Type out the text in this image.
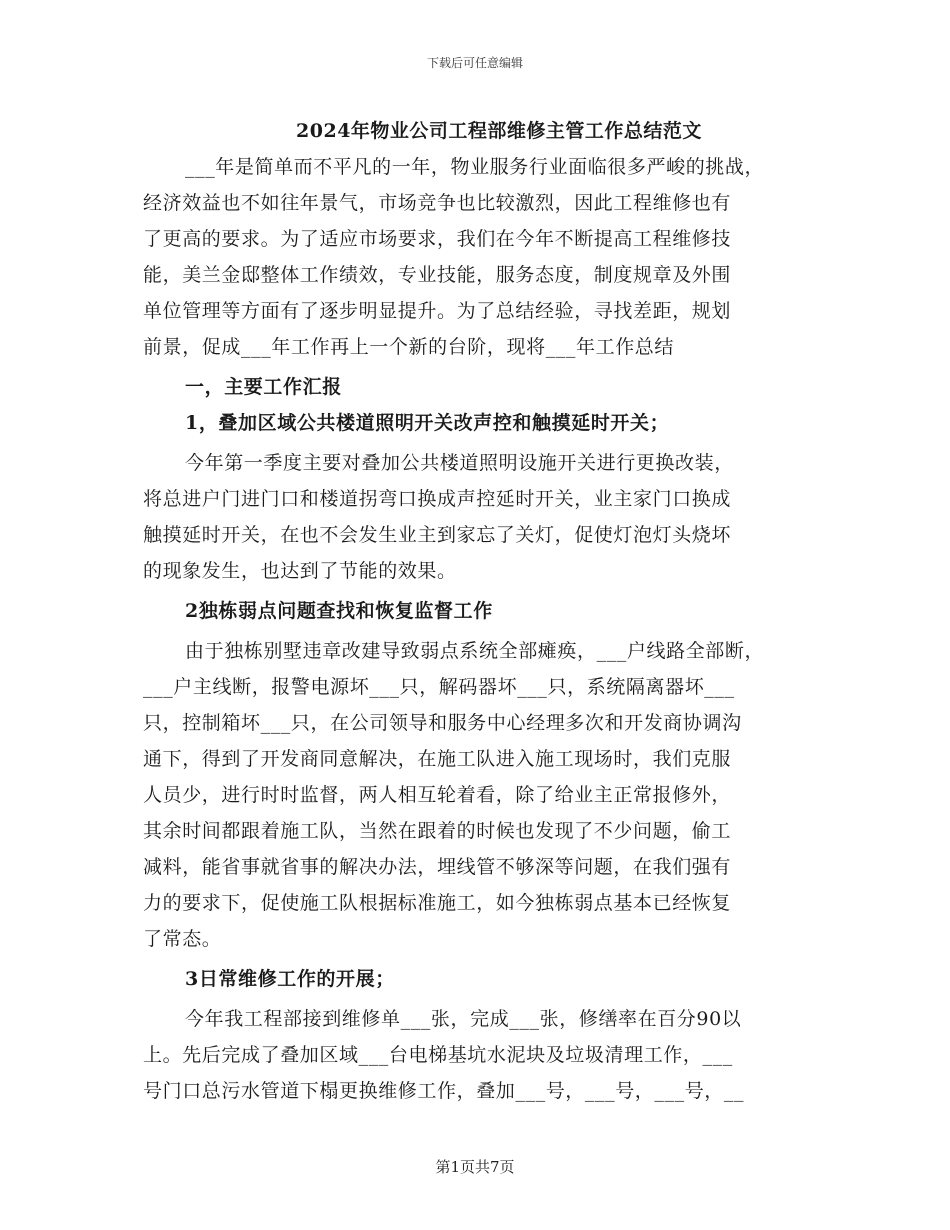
下载后可任意编辑
2024年物业公司工程部维修主管工作总结范文
___年是简单而不平凡的一年，物业服务行业面临很多严峻的挑战，
经济效益也不如往年景气，市场竞争也比较激烈，因此工程维修也有
了更高的要求。为了适应市场要求，我们在今年不断提高工程维修技
能，美兰金邸整体工作绩效，专业技能，服务态度，制度规章及外围
单位管理等方面有了逐步明显提升。为了总结经验，寻找差距，规划
前景，促成___年工作再上一个新的台阶，现将___年工作总结
一，主要工作汇报
1，叠加区域公共楼道照明开关改声控和触摸延时开关；
今年第一季度主要对叠加公共楼道照明设施开关进行更换改装，
将总进户门进门口和楼道拐弯口换成声控延时开关，业主家门口换成
触摸延时开关，在也不会发生业主到家忘了关灯，促使灯泡灯头烧坏
的现象发生，也达到了节能的效果。
2独栋弱点问题查找和恢复监督工作
由于独栋别墅违章改建导致弱点系统全部瘫痪，___户线路全部断，
___户主线断，报警电源坏___只，解码器坏___只，系统隔离器坏___
只，控制箱坏___只，在公司领导和服务中心经理多次和开发商协调沟
通下，得到了开发商同意解决，在施工队进入施工现场时，我们克服
人员少，进行时时监督，两人相互轮着看，除了给业主正常报修外，
其余时间都跟着施工队，当然在跟着的时候也发现了不少问题，偷工
减料，能省事就省事的解决办法，埋线管不够深等问题，在我们强有
力的要求下，促使施工队根据标准施工，如今独栋弱点基本已经恢复
了常态。
3日常维修工作的开展；
今年我工程部接到维修单___张，完成___张，修缮率在百分90以
上。先后完成了叠加区域___台电梯基坑水泥块及垃圾清理工作，___
号门口总污水管道下榻更换维修工作，叠加___号，___号，___号，__
第1页共7页
